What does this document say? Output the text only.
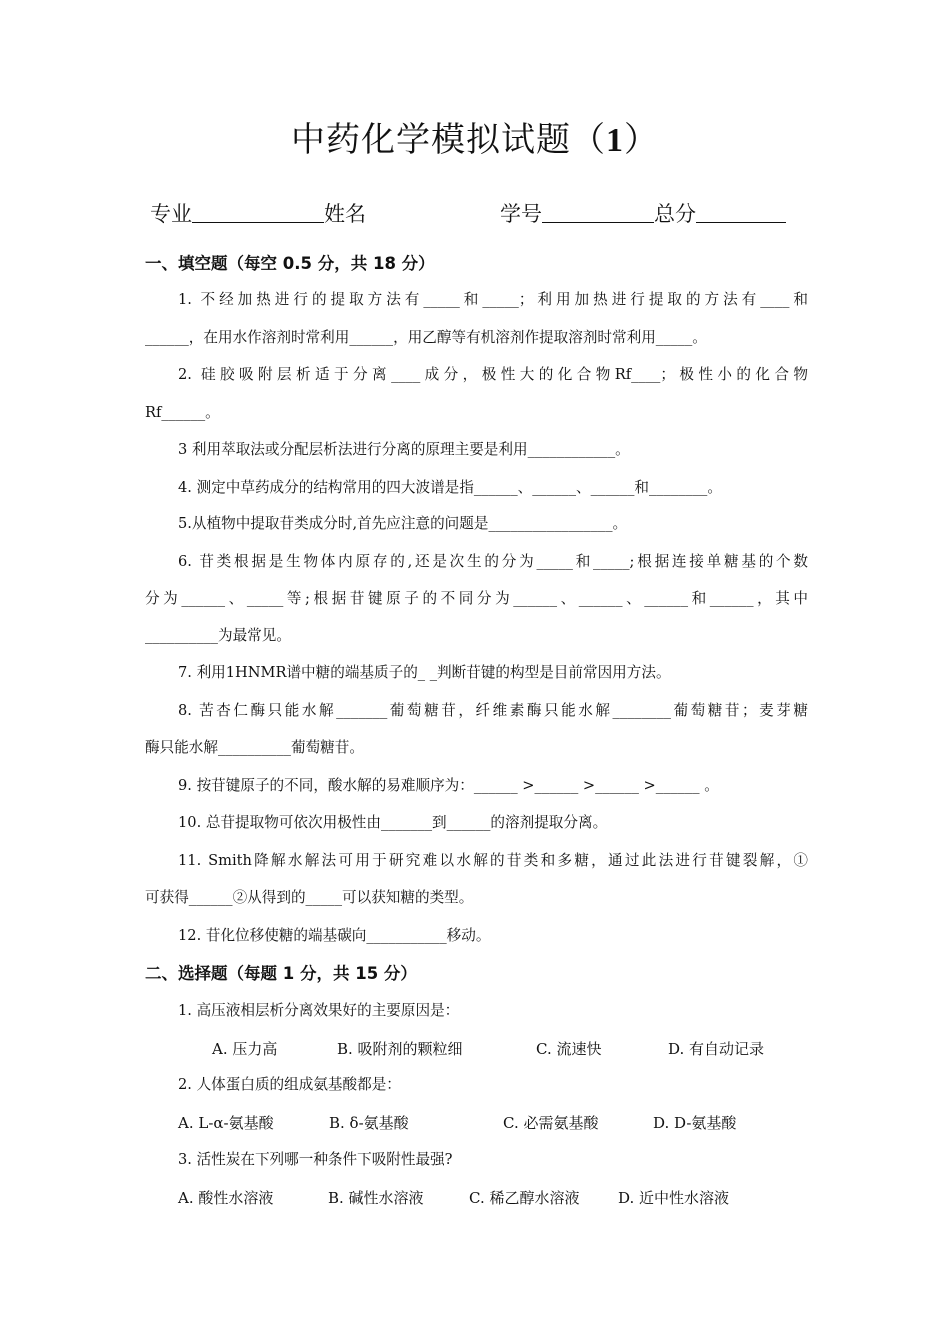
中药化学模拟试题（1）
专业	姓名	学号	总分
一、填空题（每空 0.5 分，共 18 分）
1. 不经加热进行的提取方法有_____和_____；利用加热进行提取的方法有____和
______，在用水作溶剂时常利用______，用乙醇等有机溶剂作提取溶剂时常利用_____。
2. 硅胶吸附层析适于分离____成分，极性大的化合物Rf____；极性小的化合物
Rf______。
3 利用萃取法或分配层析法进行分离的原理主要是利用____________。
4. 测定中草药成分的结构常用的四大波谱是指______、______、______和________。
5.从植物中提取苷类成分时,首先应注意的问题是_________________。
6. 苷类根据是生物体内原存的,还是次生的分为_____和_____;根据连接单糖基的个数
分为______、_____等;根据苷键原子的不同分为______、______、______和______，其中
__________为最常见。
7. 利用1HNMR谱中糖的端基质子的_ _判断苷键的构型是目前常因用方法。
8. 苦杏仁酶只能水解_______葡萄糖苷，纤维素酶只能水解________葡萄糖苷；麦芽糖
酶只能水解__________葡萄糖苷。
9. 按苷键原子的不同，酸水解的易难顺序为：______ >______ >______ >______ 。
10. 总苷提取物可依次用极性由_______到______的溶剂提取分离。
11. Smith降解水解法可用于研究难以水解的苷类和多糖，通过此法进行苷键裂解，①
可获得______②从得到的_____可以获知糖的类型。
12. 苷化位移使糖的端基碳向___________移动。
二、选择题（每题 1 分，共 15 分）
1. 高压液相层析分离效果好的主要原因是：
A. 压力高	B. 吸附剂的颗粒细	C. 流速快	D. 有自动记录
2. 人体蛋白质的组成氨基酸都是：
A. L-α-氨基酸	B. δ-氨基酸	C. 必需氨基酸	D. D-氨基酸
3. 活性炭在下列哪一种条件下吸附性最强?
A. 酸性水溶液	B. 碱性水溶液	C. 稀乙醇水溶液	D. 近中性水溶液
